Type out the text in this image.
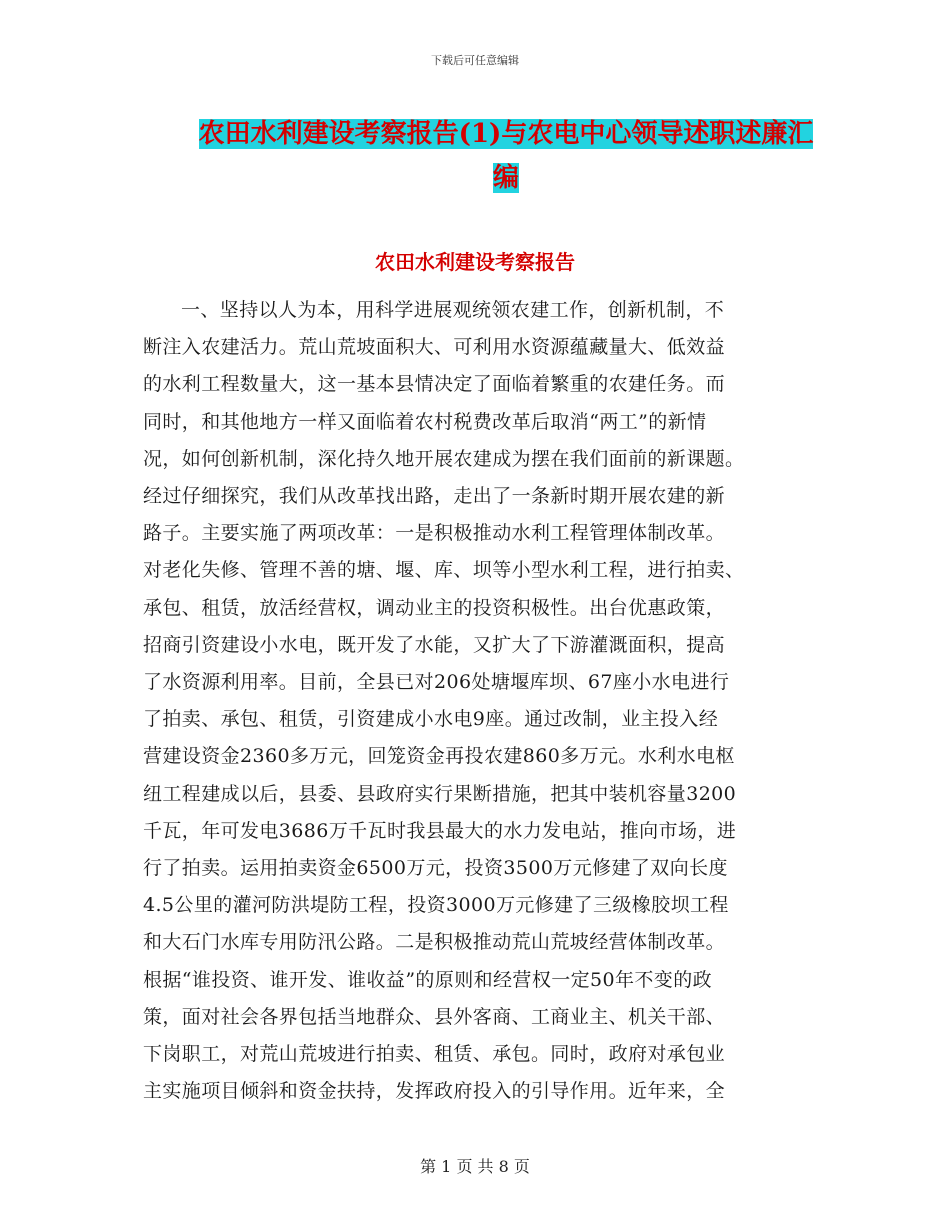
下载后可任意编辑
农田水利建设考察报告(1)与农电中心领导述职述廉汇
编
农田水利建设考察报告
一、坚持以人为本，用科学进展观统领农建工作，创新机制，不
断注入农建活力。荒山荒坡面积大、可利用水资源蕴藏量大、低效益
的水利工程数量大，这一基本县情决定了面临着繁重的农建任务。而
同时，和其他地方一样又面临着农村税费改革后取消“两工”的新情
况，如何创新机制，深化持久地开展农建成为摆在我们面前的新课题。
经过仔细探究，我们从改革找出路，走出了一条新时期开展农建的新
路子。主要实施了两项改革：一是积极推动水利工程管理体制改革。
对老化失修、管理不善的塘、堰、库、坝等小型水利工程，进行拍卖、
承包、租赁，放活经营权，调动业主的投资积极性。出台优惠政策，
招商引资建设小水电，既开发了水能，又扩大了下游灌溉面积，提高
了水资源利用率。目前，全县已对206处塘堰库坝、67座小水电进行
了拍卖、承包、租赁，引资建成小水电9座。通过改制，业主投入经
营建设资金2360多万元，回笼资金再投农建860多万元。水利水电枢
纽工程建成以后，县委、县政府实行果断措施，把其中装机容量3200
千瓦，年可发电3686万千瓦时我县最大的水力发电站，推向市场，进
行了拍卖。运用拍卖资金6500万元，投资3500万元修建了双向长度
4.5公里的灌河防洪堤防工程，投资3000万元修建了三级橡胶坝工程
和大石门水库专用防汛公路。二是积极推动荒山荒坡经营体制改革。
根据“谁投资、谁开发、谁收益”的原则和经营权一定50年不变的政
策，面对社会各界包括当地群众、县外客商、工商业主、机关干部、
下岗职工，对荒山荒坡进行拍卖、租赁、承包。同时，政府对承包业
主实施项目倾斜和资金扶持，发挥政府投入的引导作用。近年来，全
第 1 页 共 8 页
